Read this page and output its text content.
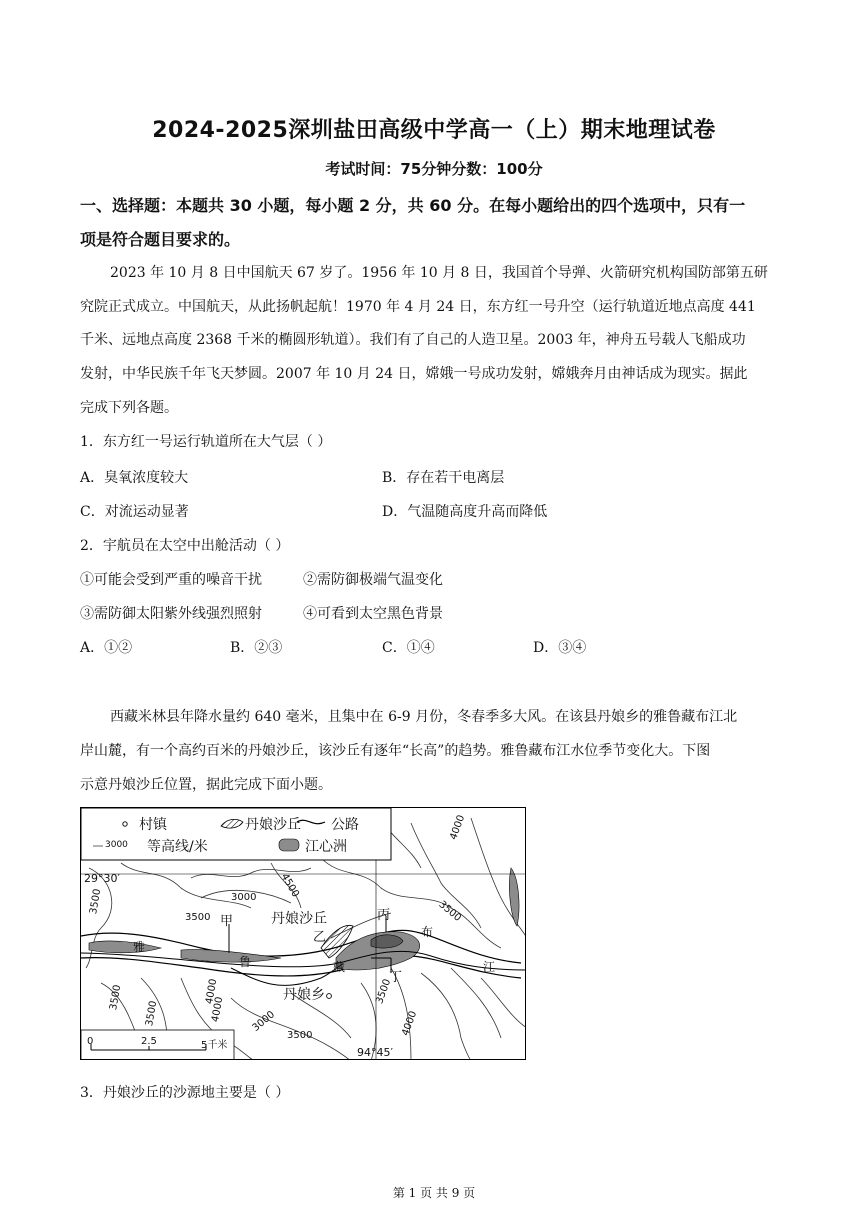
2024-2025深圳盐田高级中学高一（上）期末地理试卷
考试时间：75分钟分数：100分
一、选择题：本题共 30 小题，每小题 2 分，共 60 分。在每小题给出的四个选项中，只有一
项是符合题目要求的。
2023 年 10 月 8 日中国航天 67 岁了。1956 年 10 月 8 日，我国首个导弹、火箭研究机构国防部第五研
究院正式成立。中国航天，从此扬帆起航！1970 年 4 月 24 日，东方红一号升空（运行轨道近地点高度 441
千米、远地点高度 2368 千米的椭圆形轨道）。我们有了自己的人造卫星。2003 年，神舟五号载人飞船成功
发射，中华民族千年飞天梦圆。2007 年 10 月 24 日，嫦娥一号成功发射，嫦娥奔月由神话成为现实。据此
完成下列各题。
1．东方红一号运行轨道所在大气层（ ）
A．臭氧浓度较大	B．存在若干电离层
C．对流运动显著	D．气温随高度升高而降低
2．宇航员在太空中出舱活动（ ）
①可能会受到严重的噪音干扰	②需防御极端气温变化
③需防御太阳紫外线强烈照射	④可看到太空黑色背景
A．①②	B．②③	C．①④	D．③④
西藏米林县年降水量约 640 毫米，且集中在 6-9 月份，冬春季多大风。在该县丹娘乡的雅鲁藏布江北
岸山麓，有一个高约百米的丹娘沙丘，该沙丘有逐年“长高”的趋势。雅鲁藏布江水位季节变化大。下图
示意丹娘沙丘位置，据此完成下面小题。
村镇	丹娘沙丘 公路
3000 等高线/米	江心洲
29°30′
94°45′
丹娘沙丘
丹娘乡
甲
乙
丙
丁
雅
鲁	藏
布
江
4000
4500
3500
3500	3500
3000
4000
3500
3500	3000
3500
4000
4000
3500
0	2.5	5千米
3．丹娘沙丘的沙源地主要是（ ）
第 1 页 共 9 页
